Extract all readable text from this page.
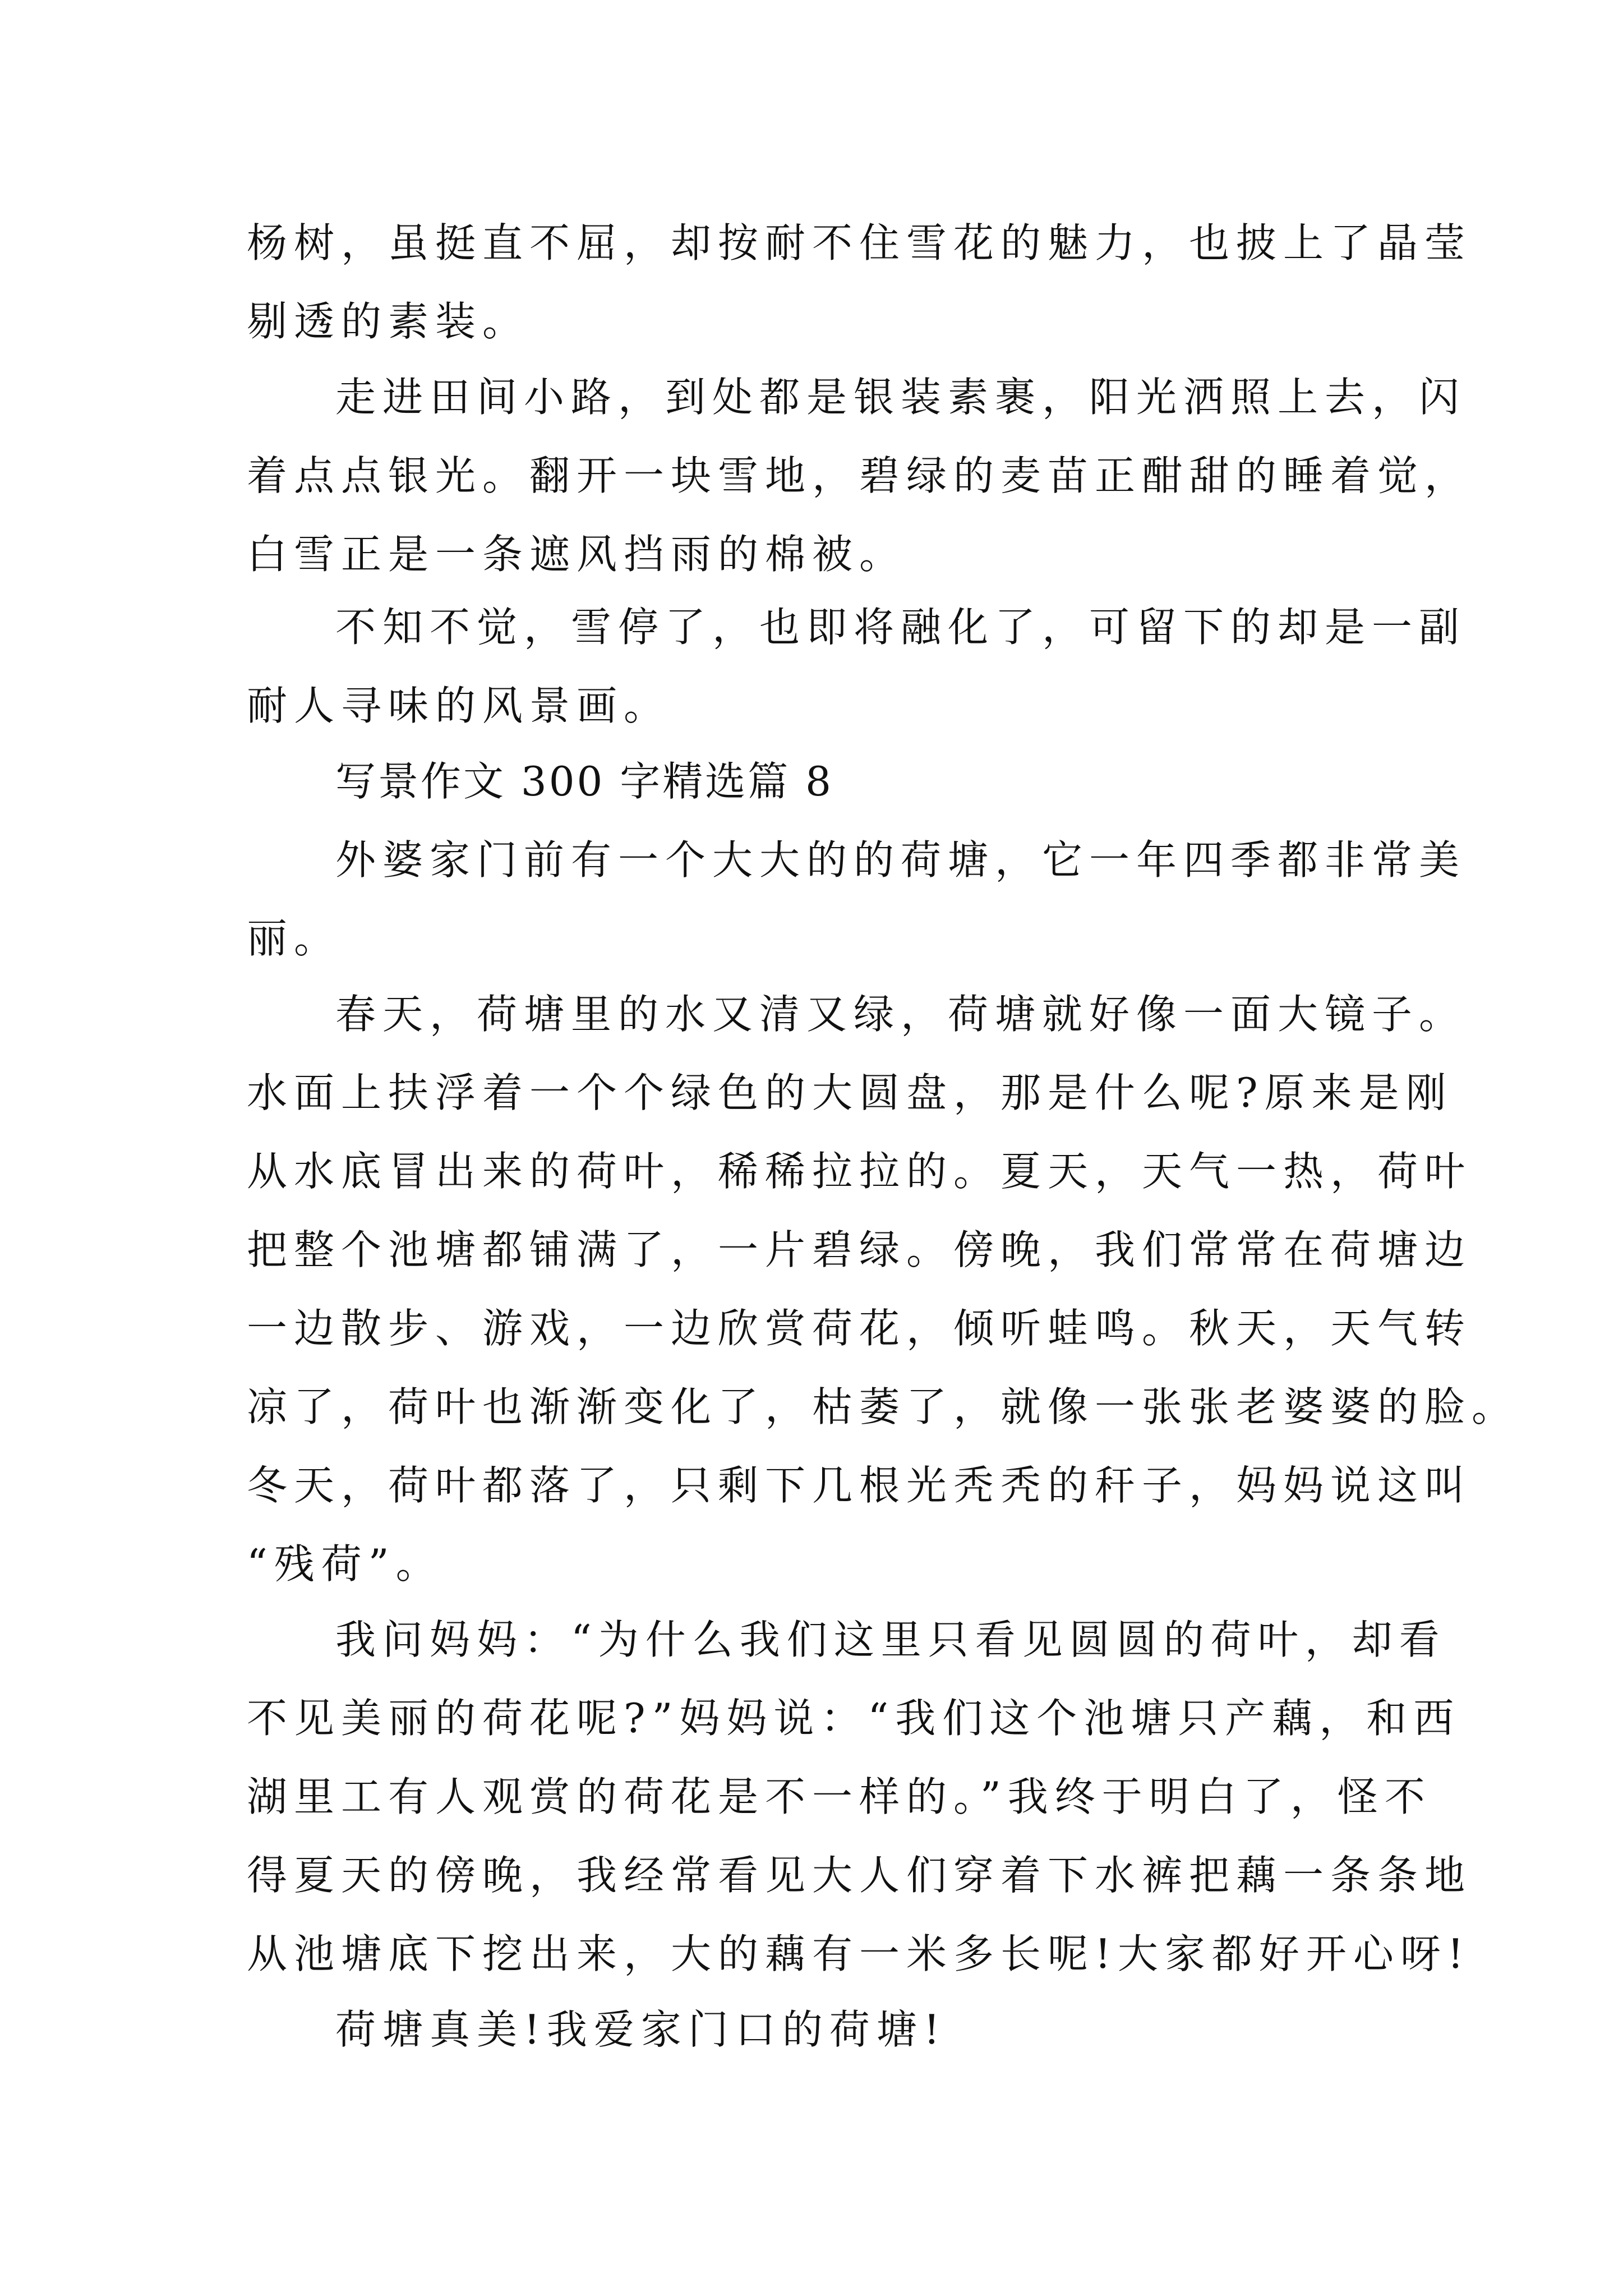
杨树，虽挺直不屈，却按耐不住雪花的魅力，也披上了晶莹
剔透的素装。
走进田间小路，到处都是银装素裹，阳光洒照上去，闪
着点点银光。翻开一块雪地，碧绿的麦苗正酣甜的睡着觉，
白雪正是一条遮风挡雨的棉被。
不知不觉，雪停了，也即将融化了，可留下的却是一副
耐人寻味的风景画。
写景作文 300 字精选篇 8
外婆家门前有一个大大的的荷塘，它一年四季都非常美
丽。
春天，荷塘里的水又清又绿，荷塘就好像一面大镜子。
水面上扶浮着一个个绿色的大圆盘，那是什么呢?原来是刚
从水底冒出来的荷叶，稀稀拉拉的。夏天，天气一热，荷叶
把整个池塘都铺满了，一片碧绿。傍晚，我们常常在荷塘边
一边散步、游戏，一边欣赏荷花，倾听蛙鸣。秋天，天气转
凉了，荷叶也渐渐变化了，枯萎了，就像一张张老婆婆的脸。
冬天，荷叶都落了，只剩下几根光秃秃的秆子，妈妈说这叫
“残荷”。
我问妈妈：“为什么我们这里只看见圆圆的荷叶，却看
不见美丽的荷花呢?”妈妈说：“我们这个池塘只产藕，和西
湖里工有人观赏的荷花是不一样的。”我终于明白了，怪不
得夏天的傍晚，我经常看见大人们穿着下水裤把藕一条条地
从池塘底下挖出来，大的藕有一米多长呢!大家都好开心呀!
荷塘真美!我爱家门口的荷塘!
